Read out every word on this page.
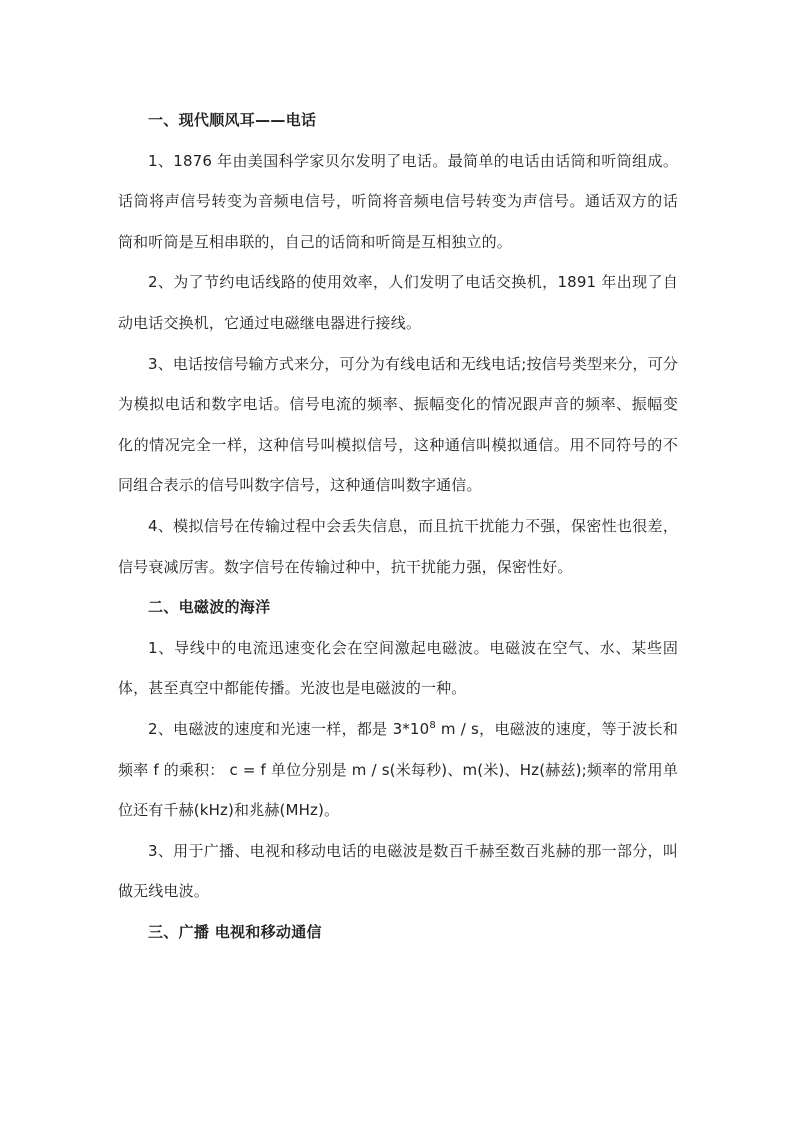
一、现代顺风耳——电话

1、1876 年由美国科学家贝尔发明了电话。最简单的电话由话筒和听筒组成。话筒将声信号转变为音频电信号，听筒将音频电信号转变为声信号。通话双方的话筒和听筒是互相串联的，自己的话筒和听筒是互相独立的。

2、为了节约电话线路的使用效率，人们发明了电话交换机，1891 年出现了自动电话交换机，它通过电磁继电器进行接线。

3、电话按信号输方式来分，可分为有线电话和无线电话;按信号类型来分，可分为模拟电话和数字电话。信号电流的频率、振幅变化的情况跟声音的频率、振幅变化的情况完全一样，这种信号叫模拟信号，这种通信叫模拟通信。用不同符号的不同组合表示的信号叫数字信号，这种通信叫数字通信。

4、模拟信号在传输过程中会丢失信息，而且抗干扰能力不强，保密性也很差，信号衰减厉害。数字信号在传输过种中，抗干扰能力强，保密性好。

二、电磁波的海洋

1、导线中的电流迅速变化会在空间激起电磁波。电磁波在空气、水、某些固体，甚至真空中都能传播。光波也是电磁波的一种。

2、电磁波的速度和光速一样，都是 $3*10^8$ m / s，电磁波的速度，等于波长和频率 f 的乘积： c = f 单位分别是 m / s(米每秒)、m(米)、Hz(赫兹);频率的常用单位还有千赫(kHz)和兆赫(MHz)。

3、用于广播、电视和移动电话的电磁波是数百千赫至数百兆赫的那一部分，叫做无线电波。

三、广播 电视和移动通信
